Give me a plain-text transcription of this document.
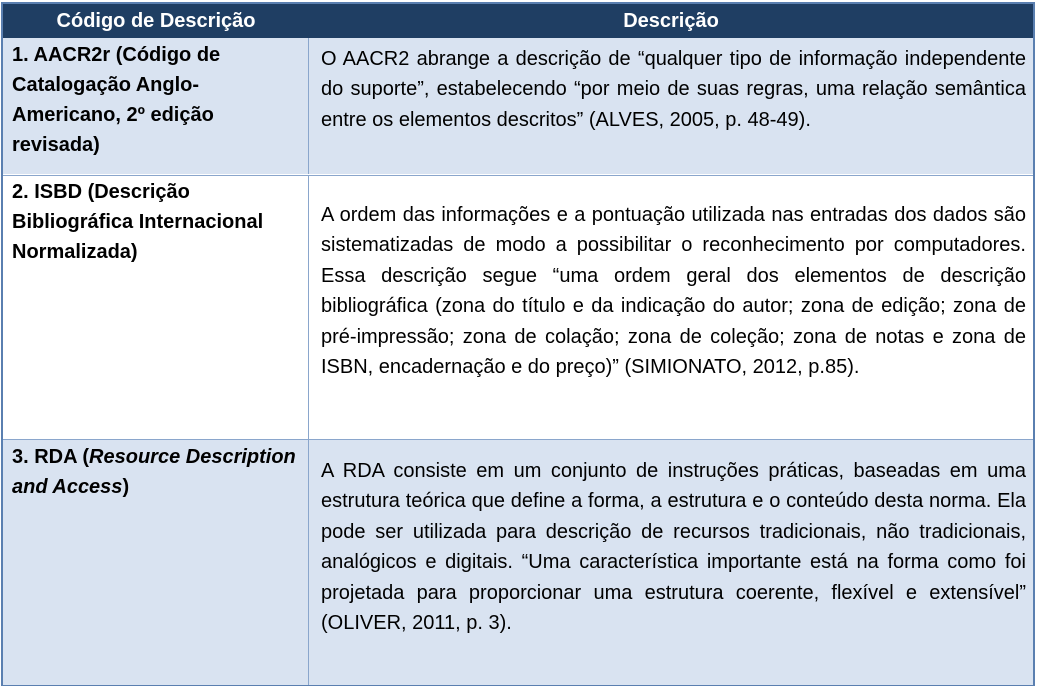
Código de Descrição	Descrição
1. AACR2r (Código de Catalogação Anglo-Americano, 2º edição revisada)
O AACR2 abrange a descrição de “qualquer tipo de informação independente do suporte”, estabelecendo “por meio de suas regras, uma relação semântica entre os elementos descritos” (ALVES, 2005, p. 48-49).
2. ISBD (Descrição Bibliográfica Internacional Normalizada)
A ordem das informações e a pontuação utilizada nas entradas dos dados são sistematizadas de modo a possibilitar o reconhecimento por computadores. Essa descrição segue “uma ordem geral dos elementos de descrição bibliográfica (zona do título e da indicação do autor; zona de edição; zona de pré-impressão; zona de colação; zona de coleção; zona de notas e zona de ISBN, encadernação e do preço)” (SIMIONATO, 2012, p.85).
3. RDA (Resource Description and Access)
A RDA consiste em um conjunto de instruções práticas, baseadas em uma estrutura teórica que define a forma, a estrutura e o conteúdo desta norma. Ela pode ser utilizada para descrição de recursos tradicionais, não tradicionais, analógicos e digitais. “Uma característica importante está na forma como foi projetada para proporcionar uma estrutura coerente, flexível e extensível” (OLIVER, 2011, p. 3).
